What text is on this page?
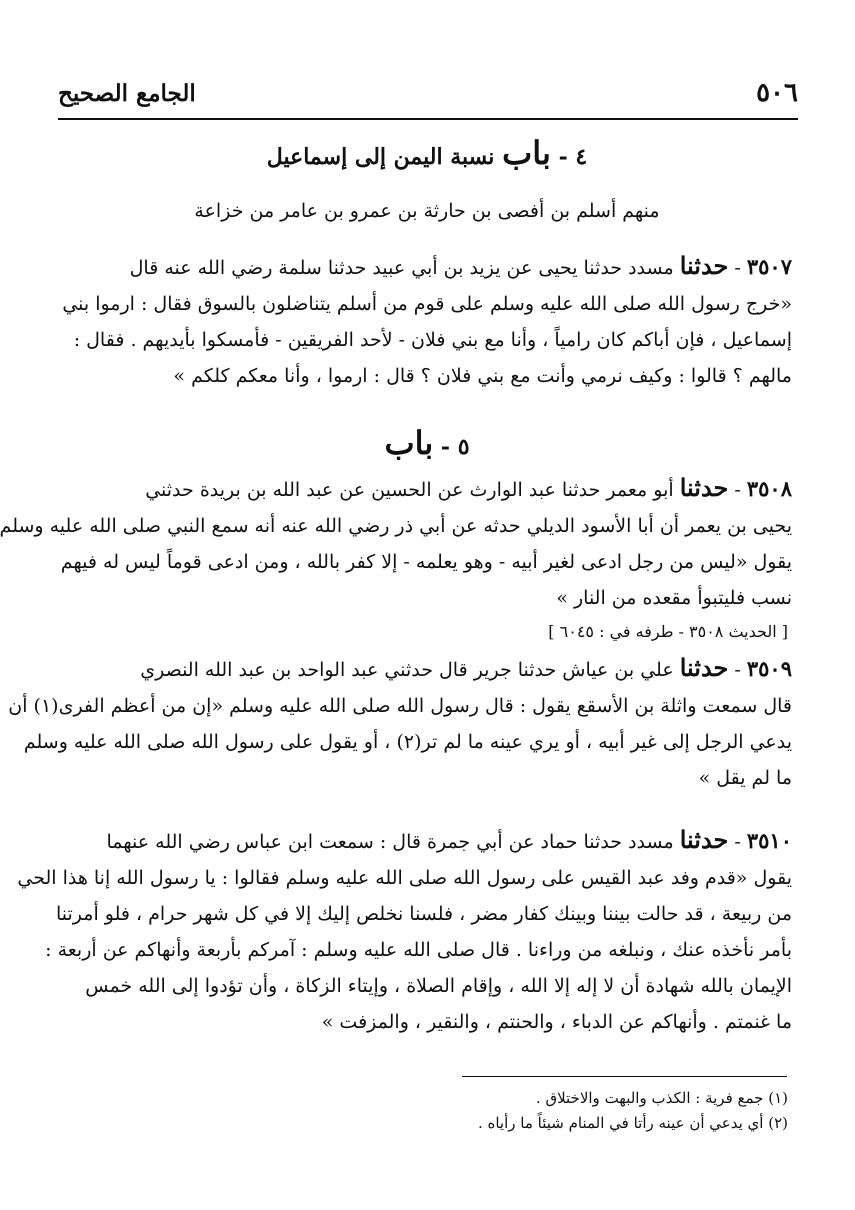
٥٠٦
الجامع الصحيح
٤ - باب نسبة اليمن إلى إسماعيل
منهم أسلم بن أفصى بن حارثة بن عمرو بن عامر من خزاعة
٣٥٠٧ - حدثنا مسدد حدثنا يحيى عن يزيد بن أبي عبيد حدثنا سلمة رضي الله عنه قال
«خرج رسول الله صلى الله عليه وسلم على قوم من أسلم يتناضلون بالسوق فقال : ارموا بني
إسماعيل ، فإن أباكم كان رامياً ، وأنا مع بني فلان - لأحد الفريقين - فأمسكوا بأيديهم . فقال :
مالهم ؟ قالوا : وكيف نرمي وأنت مع بني فلان ؟ قال : ارموا ، وأنا معكم كلكم »
٥ - باب
٣٥٠٨ - حدثنا أبو معمر حدثنا عبد الوارث عن الحسين عن عبد الله بن بريدة حدثني
يحيى بن يعمر أن أبا الأسود الديلي حدثه عن أبي ذر رضي الله عنه أنه سمع النبي صلى الله عليه وسلم
يقول «ليس من رجل ادعى لغير أبيه - وهو يعلمه - إلا كفر بالله ، ومن ادعى قوماً ليس له فيهم
نسب فليتبوأ مقعده من النار »
[ الحديث ٣٥٠٨ - طرفه في : ٦٠٤٥ ]
٣٥٠٩ - حدثنا علي بن عياش حدثنا جرير قال حدثني عبد الواحد بن عبد الله النصري
قال سمعت واثلة بن الأسقع يقول : قال رسول الله صلى الله عليه وسلم «إن من أعظم الفرى(١) أن
يدعي الرجل إلى غير أبيه ، أو يري عينه ما لم تر(٢) ، أو يقول على رسول الله صلى الله عليه وسلم
ما لم يقل »
٣٥١٠ - حدثنا مسدد حدثنا حماد عن أبي جمرة قال : سمعت ابن عباس رضي الله عنهما
يقول «قدم وفد عبد القيس على رسول الله صلى الله عليه وسلم فقالوا : يا رسول الله إنا هذا الحي
من ربيعة ، قد حالت بيننا وبينك كفار مضر ، فلسنا نخلص إليك إلا في كل شهر حرام ، فلو أمرتنا
بأمر نأخذه عنك ، ونبلغه من وراءنا . قال صلى الله عليه وسلم : آمركم بأربعة وأنهاكم عن أربعة :
الإيمان بالله شهادة أن لا إله إلا الله ، وإقام الصلاة ، وإيتاء الزكاة ، وأن تؤدوا إلى الله خمس
ما غنمتم . وأنهاكم عن الدباء ، والحنتم ، والنقير ، والمزفت »
(١) جمع فرية : الكذب والبهت والاختلاق .
(٢) أي يدعي أن عينه رأتا في المنام شيئاً ما رأياه .
